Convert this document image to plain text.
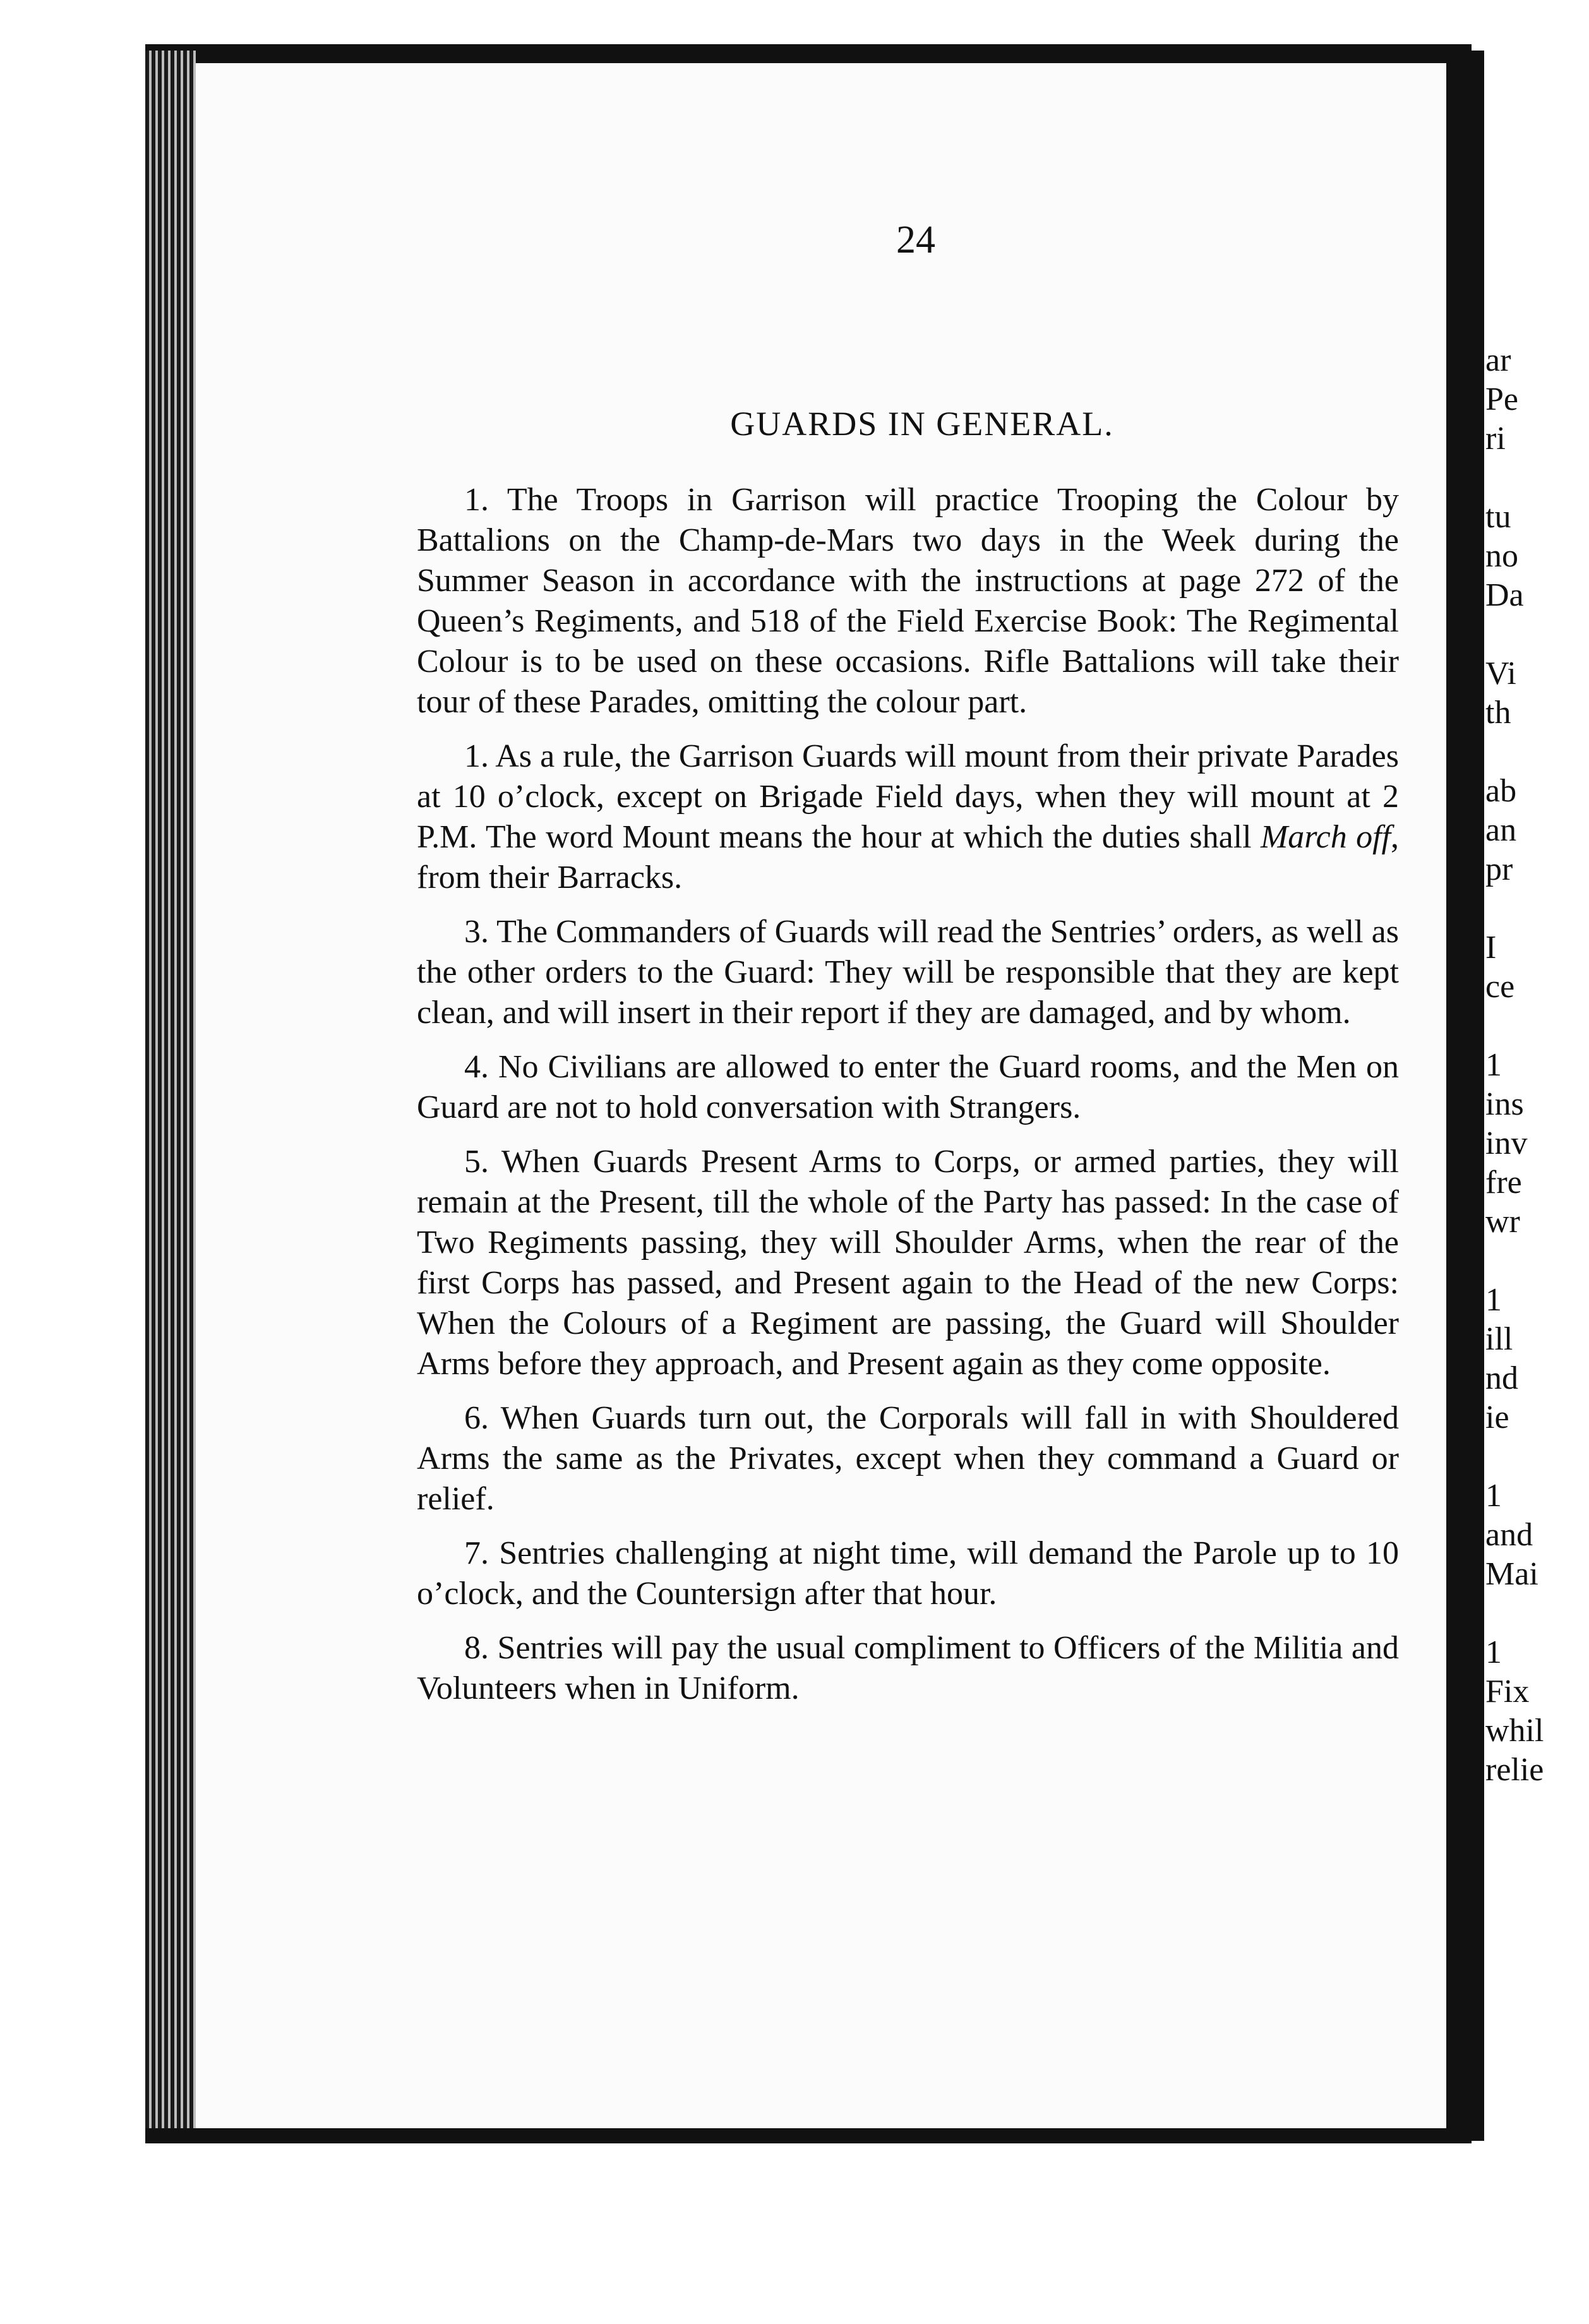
24
GUARDS IN GENERAL.

1. The Troops in Garrison will practice Trooping the Colour by Battalions on the Champ-de-Mars two days in the Week during the Summer Season in accordance with the instructions at page 272 of the Queen’s Regiments, and 518 of the Field Exercise Book: The Regimental Colour is to be used on these occasions. Rifle Battalions will take their tour of these Parades, omitting the colour part.

1. As a rule, the Garrison Guards will mount from their private Parades at 10 o’clock, except on Brigade Field days, when they will mount at 2 P.M. The word Mount means the hour at which the duties shall March off, from their Barracks.

3. The Commanders of Guards will read the Sentries’ orders, as well as the other orders to the Guard: They will be responsible that they are kept clean, and will insert in their report if they are damaged, and by whom.

4. No Civilians are allowed to enter the Guard rooms, and the Men on Guard are not to hold conversation with Strangers.

5. When Guards Present Arms to Corps, or armed parties, they will remain at the Present, till the whole of the Party has passed: In the case of Two Regiments passing, they will Shoulder Arms, when the rear of the first Corps has passed, and Present again to the Head of the new Corps: When the Colours of a Regiment are passing, the Guard will Shoulder Arms before they approach, and Present again as they come opposite.

6. When Guards turn out, the Corporals will fall in with Shouldered Arms the same as the Privates, except when they command a Guard or relief.

7. Sentries challenging at night time, will demand the Parole up to 10 o’clock, and the Countersign after that hour.

8. Sentries will pay the usual compliment to Officers of the Militia and Volunteers when in Uniform.

ar
Pe
ri

tu
no
Da

Vi
th

ab
an
pr

I
ce

1
ins
inv
fre
wr

1
ill
nd
ie

1
and
Mai

1
Fix
whil
relie
